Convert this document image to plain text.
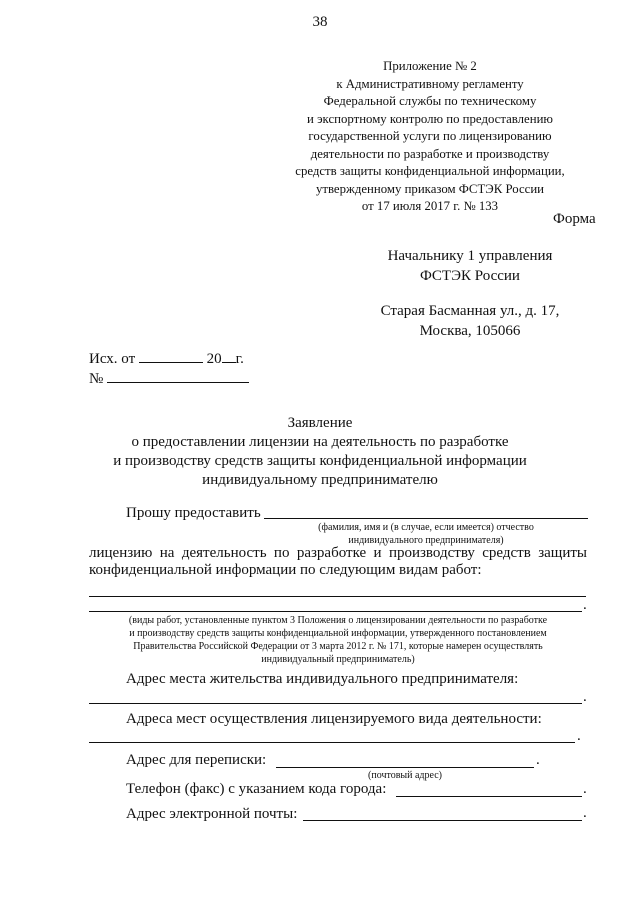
38
Приложение № 2
к Административному регламенту
Федеральной службы по техническому
и экспортному контролю по предоставлению
государственной услуги по лицензированию
деятельности по разработке и производству
средств защиты конфиденциальной информации,
утвержденному приказом ФСТЭК России
от 17 июля 2017 г. № 133
Форма
Начальнику 1 управления
ФСТЭК России
Старая Басманная ул., д. 17,
Москва, 105066
Исх. от	20 г.
№
Заявление
о предоставлении лицензии на деятельность по разработке
и производству средств защиты конфиденциальной информации
индивидуальному предпринимателю
Прошу предоставить
(фамилия, имя и (в случае, если имеется) отчество
индивидуального предпринимателя)
лицензию на деятельность по разработке и производству средств защиты
конфиденциальной информации по следующим видам работ:
.
(виды работ, установленные пунктом 3 Положения о лицензировании деятельности по разработке
и производству средств защиты конфиденциальной информации, утвержденного постановлением
Правительства Российской Федерации от 3 марта 2012 г. № 171, которые намерен осуществлять
индивидуальный предприниматель)
Адрес места жительства индивидуального предпринимателя:
.
Адреса мест осуществления лицензируемого вида деятельности:
.
Адрес для переписки:	.
(почтовый адрес)
Телефон (факс) с указанием кода города:	.
Адрес электронной почты:	.
